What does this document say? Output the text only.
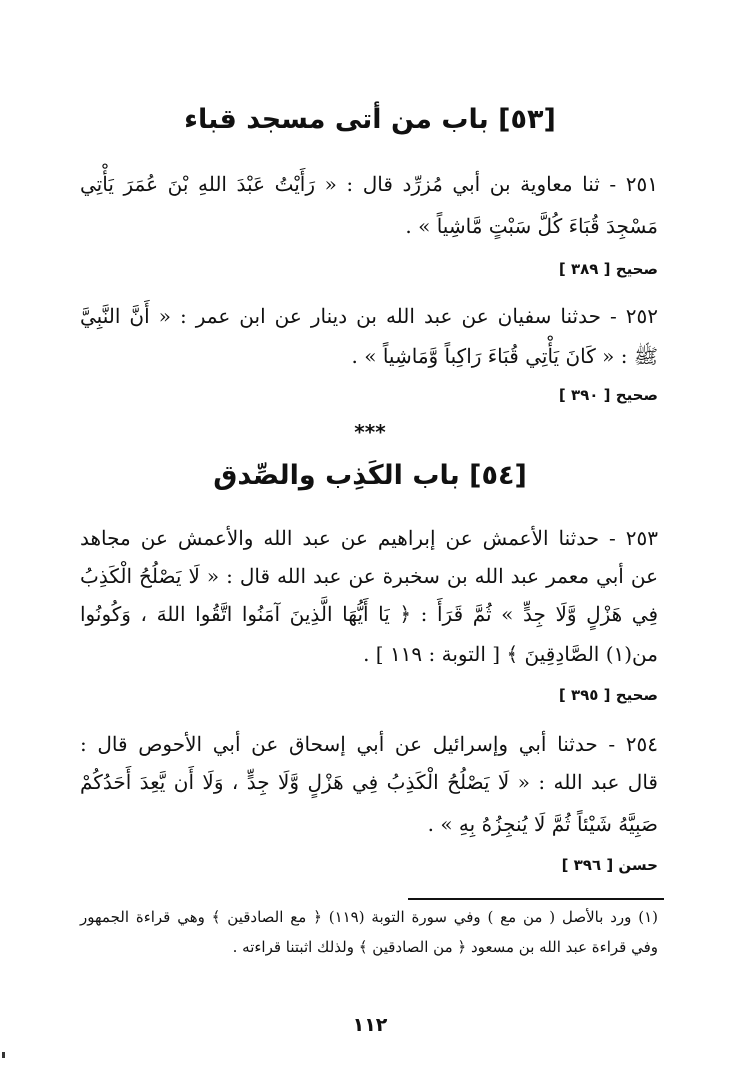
[٥٣] باب من أتى مسجد قباء
٢٥١ - ثنا معاوية بن أبي مُزرِّد قال : « رَأَيْتُ عَبْدَ اللهِ بْنَ عُمَرَ يَأْتِي
مَسْجِدَ قُبَاءَ كُلَّ سَبْتٍ مَّاشِياً » .
صحيح [ ٣٨٩ ]
٢٥٢ - حدثنا سفيان عن عبد الله بن دينار عن ابن عمر : « أَنَّ النَّبِيَّ
ﷺ : « كَانَ يَأْتِي قُبَاءَ رَاكِباً وَّمَاشِياً » .
صحيح [ ٣٩٠ ]
***
[٥٤] باب الكَذِب والصِّدق
٢٥٣ - حدثنا الأعمش عن إبراهيم عن عبد الله والأعمش عن مجاهد
عن أبي معمر عبد الله بن سخبرة عن عبد الله قال : « لَا يَصْلُحُ الْكَذِبُ
فِي هَزْلٍ وَّلَا جِدٍّ » ثُمَّ قَرَأَ : ﴿ يَا أَيُّهَا الَّذِينَ آمَنُوا اتَّقُوا اللهَ ، وَكُونُوا
من(١) الصَّادِقِينَ ﴾ [ التوبة : ١١٩ ] .
صحيح [ ٣٩٥ ]
٢٥٤ - حدثنا أبي وإسرائيل عن أبي إسحاق عن أبي الأحوص قال :
قال عبد الله : « لَا يَصْلُحُ الْكَذِبُ فِي هَزْلٍ وَّلَا جِدٍّ ، وَلَا أَن يَّعِدَ أَحَدُكُمْ
صَبِيَّهُ شَيْئاً ثُمَّ لَا يُنجِزُهُ بِهِ » .
حسن [ ٣٩٦ ]
(١) ورد بالأصل ( من مع ) وفي سورة التوبة (١١٩) ﴿ مع الصادقين ﴾ وهي قراءة الجمهور
وفي قراءة عبد الله بن مسعود ﴿ من الصادقين ﴾ ولذلك اثبتنا قراءته .
١١٢
